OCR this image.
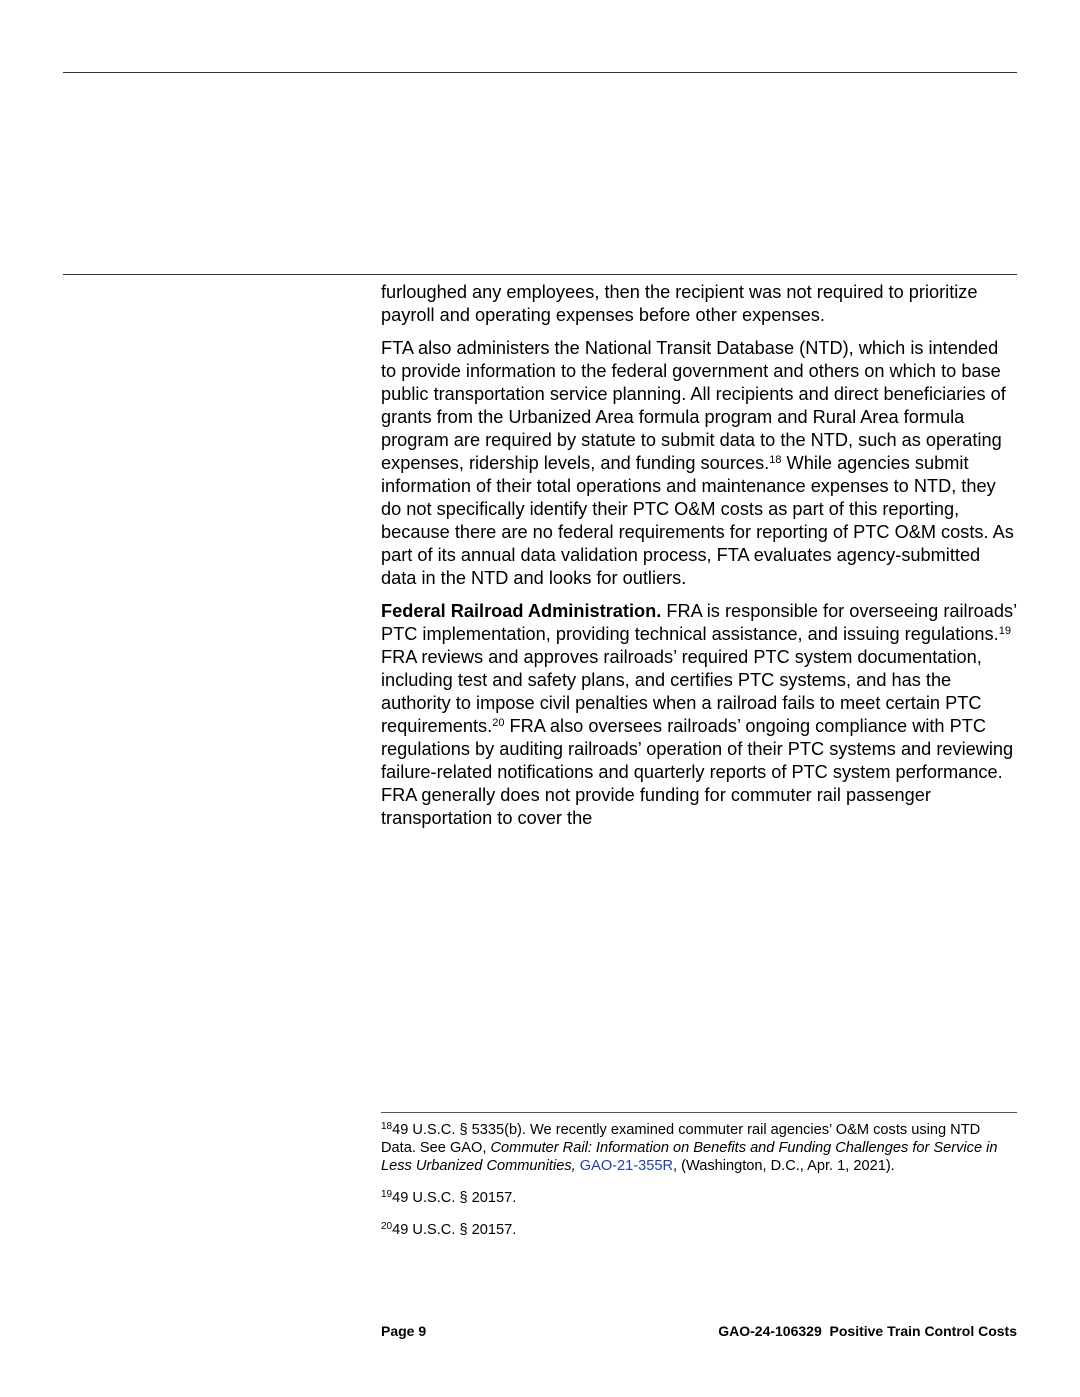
furloughed any employees, then the recipient was not required to prioritize payroll and operating expenses before other expenses.

FTA also administers the National Transit Database (NTD), which is intended to provide information to the federal government and others on which to base public transportation service planning. All recipients and direct beneficiaries of grants from the Urbanized Area formula program and Rural Area formula program are required by statute to submit data to the NTD, such as operating expenses, ridership levels, and funding sources.$^{18}$ While agencies submit information of their total operations and maintenance expenses to NTD, they do not specifically identify their PTC O&M costs as part of this reporting, because there are no federal requirements for reporting of PTC O&M costs. As part of its annual data validation process, FTA evaluates agency-submitted data in the NTD and looks for outliers.

Federal Railroad Administration. FRA is responsible for overseeing railroads’ PTC implementation, providing technical assistance, and issuing regulations.$^{19}$ FRA reviews and approves railroads’ required PTC system documentation, including test and safety plans, and certifies PTC systems, and has the authority to impose civil penalties when a railroad fails to meet certain PTC requirements.$^{20}$ FRA also oversees railroads’ ongoing compliance with PTC regulations by auditing railroads’ operation of their PTC systems and reviewing failure-related notifications and quarterly reports of PTC system performance. FRA generally does not provide funding for commuter rail passenger transportation to cover the

$^{18}$49 U.S.C. § 5335(b). We recently examined commuter rail agencies’ O&M costs using NTD Data. See GAO, Commuter Rail: Information on Benefits and Funding Challenges for Service in Less Urbanized Communities, GAO-21-355R, (Washington, D.C., Apr. 1, 2021).

$^{19}$49 U.S.C. § 20157.

$^{20}$49 U.S.C. § 20157.

Page 9	GAO-24-106329  Positive Train Control Costs
